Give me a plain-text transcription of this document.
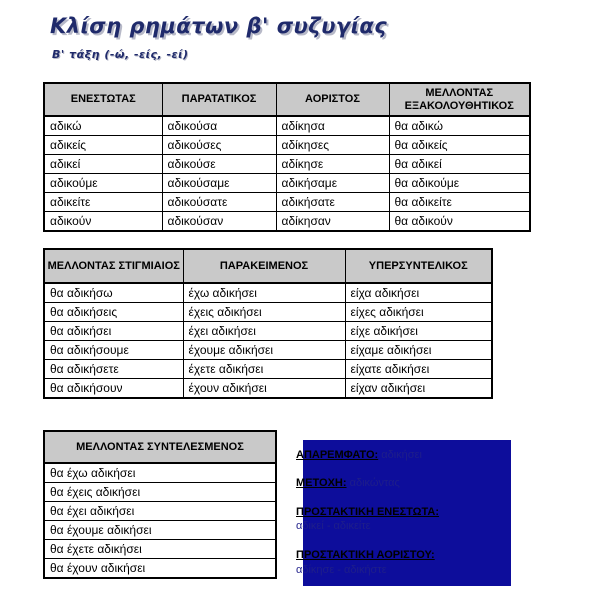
Κλίση ρημάτων β' συζυγίας
Β' τάξη (-ώ, -είς, -εί)
ΕΝΕΣΤΩΤΑΣ	ΠΑΡΑΤΑΤΙΚΟΣ	ΑΟΡΙΣΤΟΣ	ΜΕΛΛΟΝΤΑΣ ΕΞΑΚΟΛΟΥΘΗΤΙΚΟΣ
αδικώ	αδικούσα	αδίκησα	θα αδικώ
αδικείς	αδικούσες	αδίκησες	θα αδικείς
αδικεί	αδικούσε	αδίκησε	θα αδικεί
αδικούμε	αδικούσαμε	αδικήσαμε	θα αδικούμε
αδικείτε	αδικούσατε	αδικήσατε	θα αδικείτε
αδικούν	αδικούσαν	αδίκησαν	θα αδικούν
ΜΕΛΛΟΝΤΑΣ ΣΤΙΓΜΙΑΙΟΣ	ΠΑΡΑΚΕΙΜΕΝΟΣ	ΥΠΕΡΣΥΝΤΕΛΙΚΟΣ
θα αδικήσω	έχω αδικήσει	είχα αδικήσει
θα αδικήσεις	έχεις αδικήσει	είχες αδικήσει
θα αδικήσει	έχει αδικήσει	είχε αδικήσει
θα αδικήσουμε	έχουμε αδικήσει	είχαμε αδικήσει
θα αδικήσετε	έχετε αδικήσει	είχατε αδικήσει
θα αδικήσουν	έχουν αδικήσει	είχαν αδικήσει
ΜΕΛΛΟΝΤΑΣ ΣΥΝΤΕΛΕΣΜΕΝΟΣ
θα έχω αδικήσει
θα έχεις αδικήσει
θα έχει αδικήσει
θα έχουμε αδικήσει
θα έχετε αδικήσει
θα έχουν αδικήσει
ΑΠΑΡΕΜΦΑΤΟ: αδικήσει
ΜΕΤΟΧΗ: αδικώντας
ΠΡΟΣΤΑΚΤΙΚΗ ΕΝΕΣΤΩΤΑ:
αδικεί - αδικείτε
ΠΡΟΣΤΑΚΤΙΚΗ ΑΟΡΙΣΤΟΥ:
αδίκησε - αδικήστε
